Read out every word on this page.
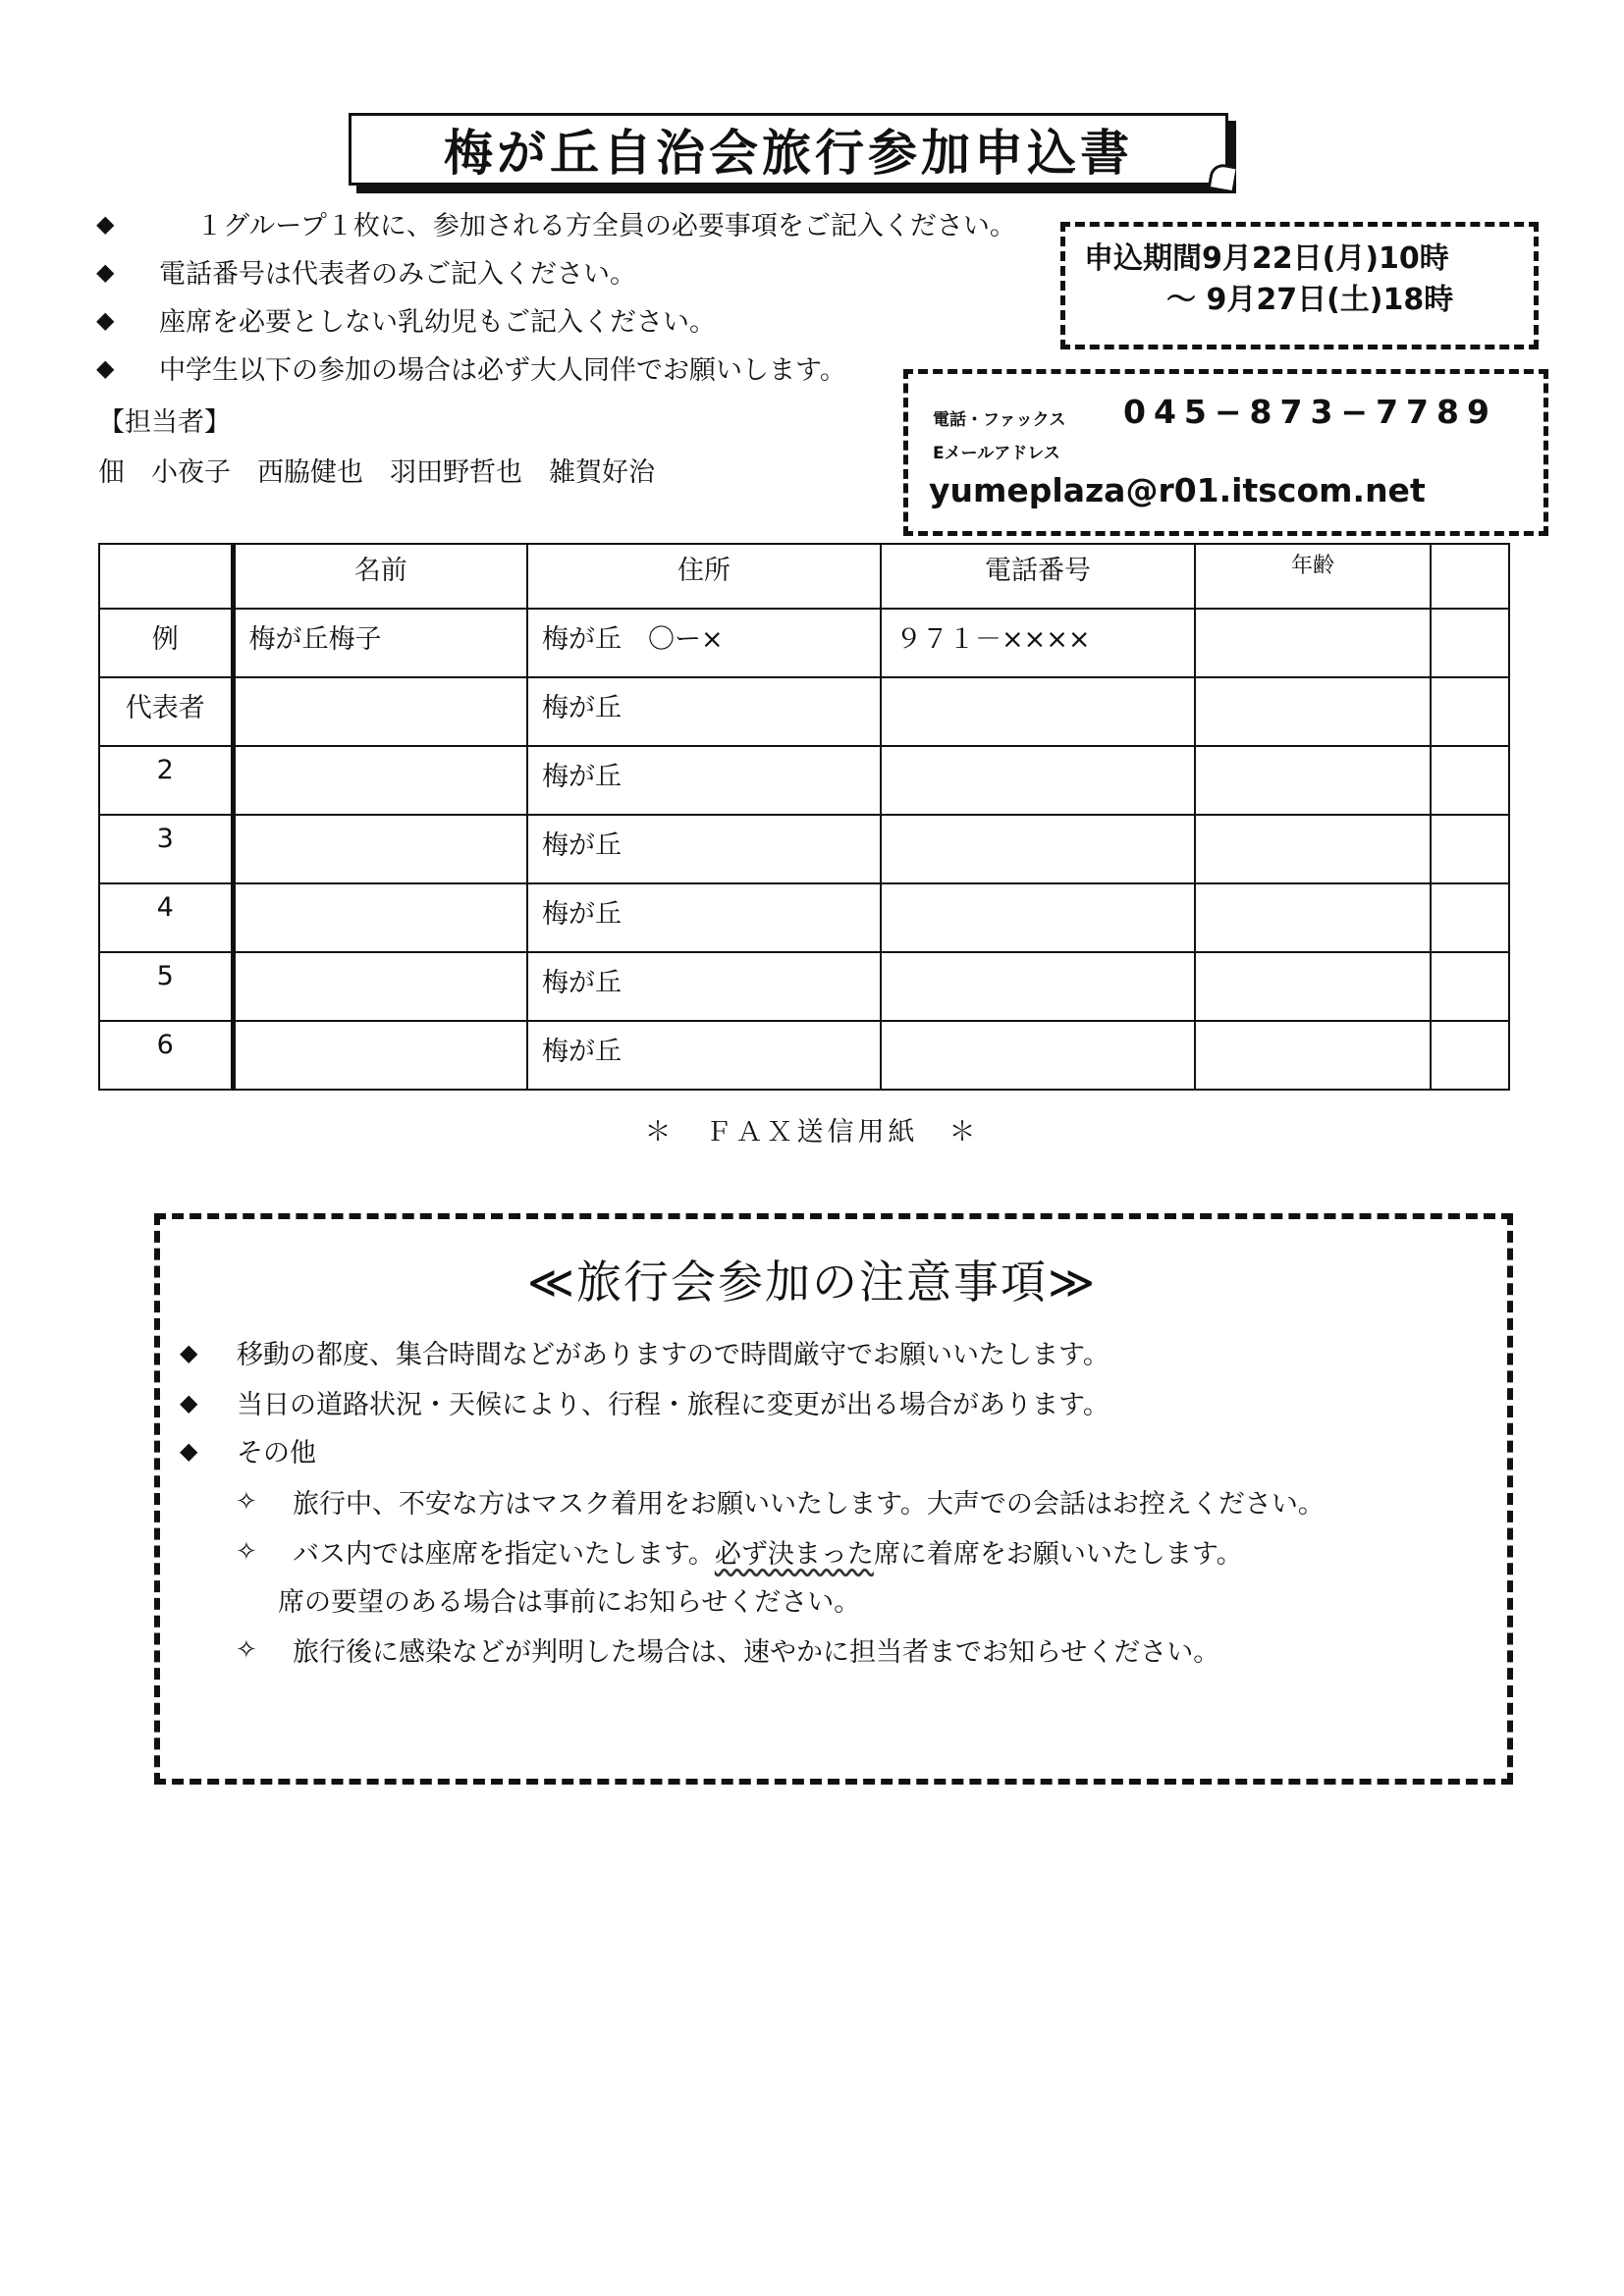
梅が丘自治会旅行参加申込書
◆	１グループ１枚に、参加される方全員の必要事項をご記入ください。
◆	電話番号は代表者のみご記入ください。
◆	座席を必要としない乳幼児もご記入ください。
◆	中学生以下の参加の場合は必ず大人同伴でお願いします。
【担当者】
佃　小夜子　西脇健也　羽田野哲也　雑賀好治
申込期間9月22日(月)10時
～ 9月27日(土)18時
電話・ファックス 045−873−7789
Eメールアドレス
yumeplaza@r01.itscom.net
	名前	住所	電話番号	年齢	
例	梅が丘梅子	梅が丘　〇ー×	９７１－××××		
代表者		梅が丘			
2		梅が丘			
3		梅が丘			
4		梅が丘			
5		梅が丘			
6		梅が丘			
＊　ＦＡＸ送信用紙　＊
≪旅行会参加の注意事項≫
◆	移動の都度、集合時間などがありますので時間厳守でお願いいたします。
◆	当日の道路状況・天候により、行程・旅程に変更が出る場合があります。
◆	その他
✧	旅行中、不安な方はマスク着用をお願いいたします。大声での会話はお控えください。
✧	バス内では座席を指定いたします。 必ず決まった 席に着席をお願いいたします。
席の要望のある場合は事前にお知らせください。
✧	旅行後に感染などが判明した場合は、速やかに担当者までお知らせください。
